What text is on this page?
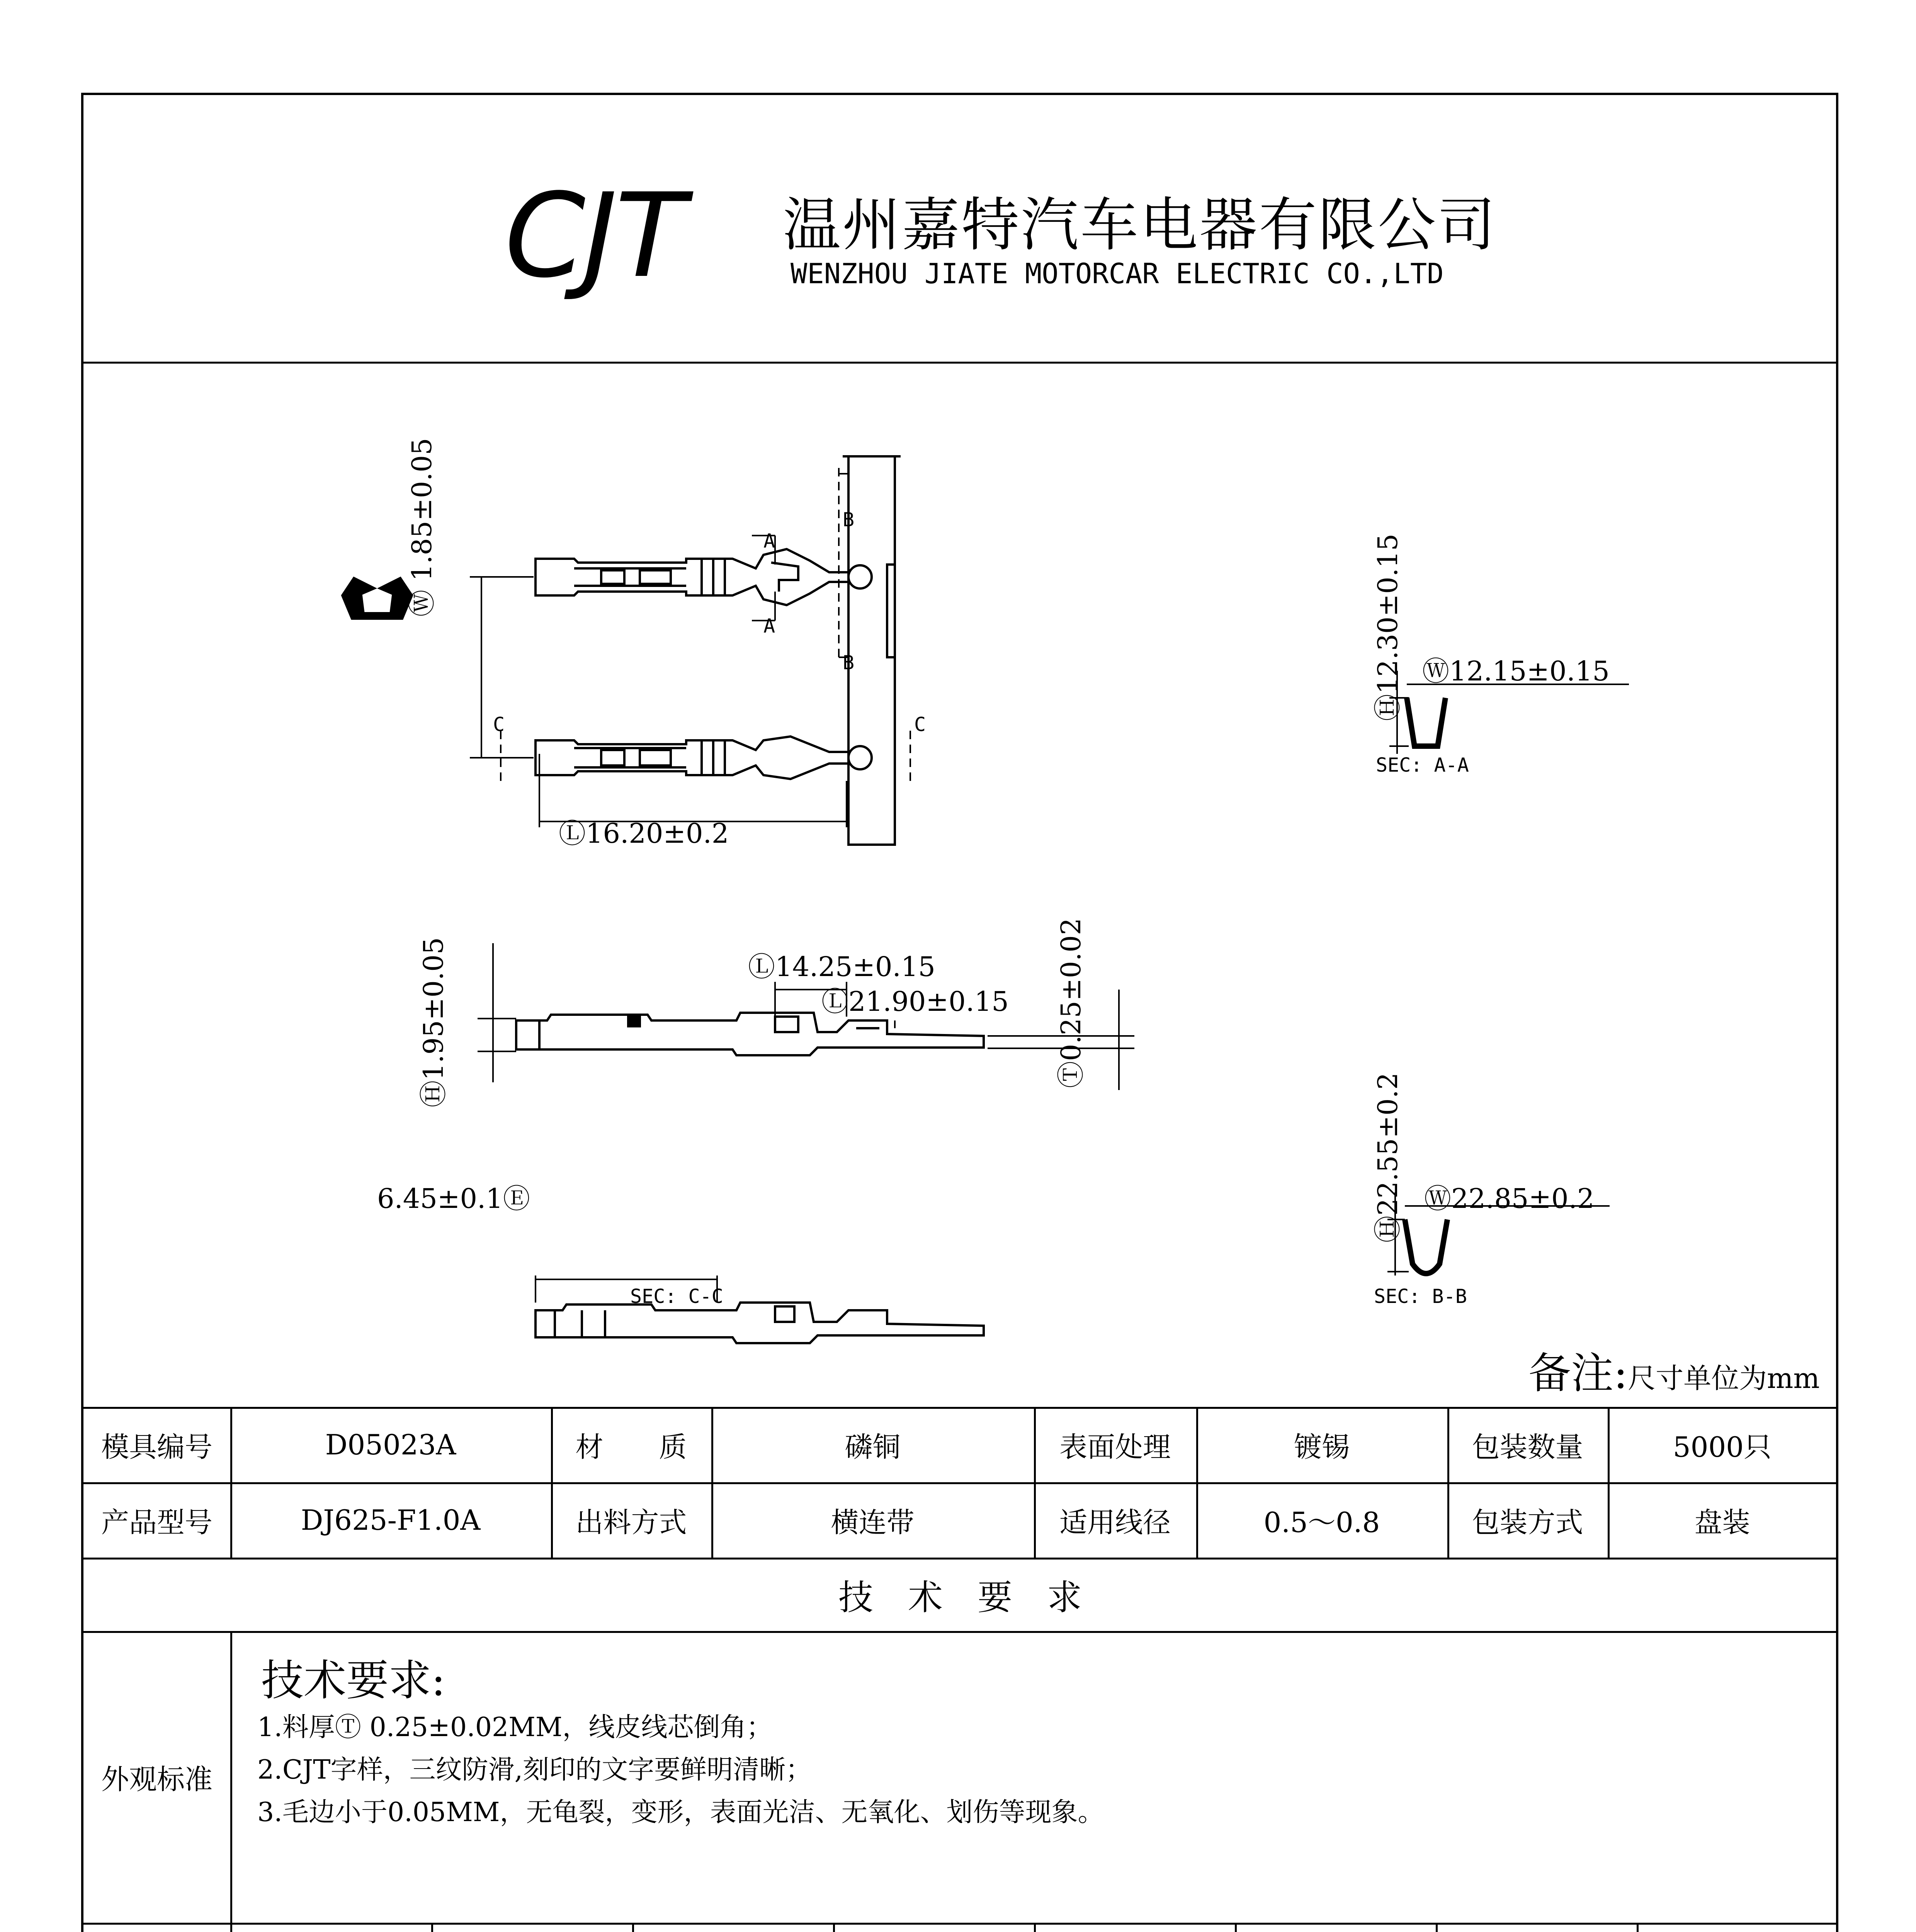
CJT 温州嘉特汽车电器有限公司
WENZHOU JIATE MOTORCAR ELECTRIC CO.,LTD
Ⓦ 1.85±0.05
Ⓛ16.20±0.2
Ⓗ1.95±0.05	Ⓛ14.25±0.15
Ⓛ21.90±0.15
Ⓣ0.25±0.02
6.45±0.1Ⓔ
Ⓗ12.30±0.15 Ⓦ12.15±0.15
SEC: A-A
Ⓗ22.55±0.2
Ⓦ22.85±0.2
SEC: B-B
SEC: C-C
A
A
B
B
C	C
备注:尺寸单位为mm
模具编号	D05023A	材　　质	磷铜	表面处理	镀锡	包装数量	5000只
产品型号	DJ625-F1.0A	出料方式	横连带	适用线径	0.5～0.8	包装方式	盘装
技　术　要　求
外观标准
技术要求:
1.料厚Ⓣ 0.25±0.02MM，线皮线芯倒角；
2.CJT字样，三纹防滑,刻印的文字要鲜明清晰；
3.毛边小于0.05MM，无龟裂，变形，表面光洁、无氧化、划伤等现象。
